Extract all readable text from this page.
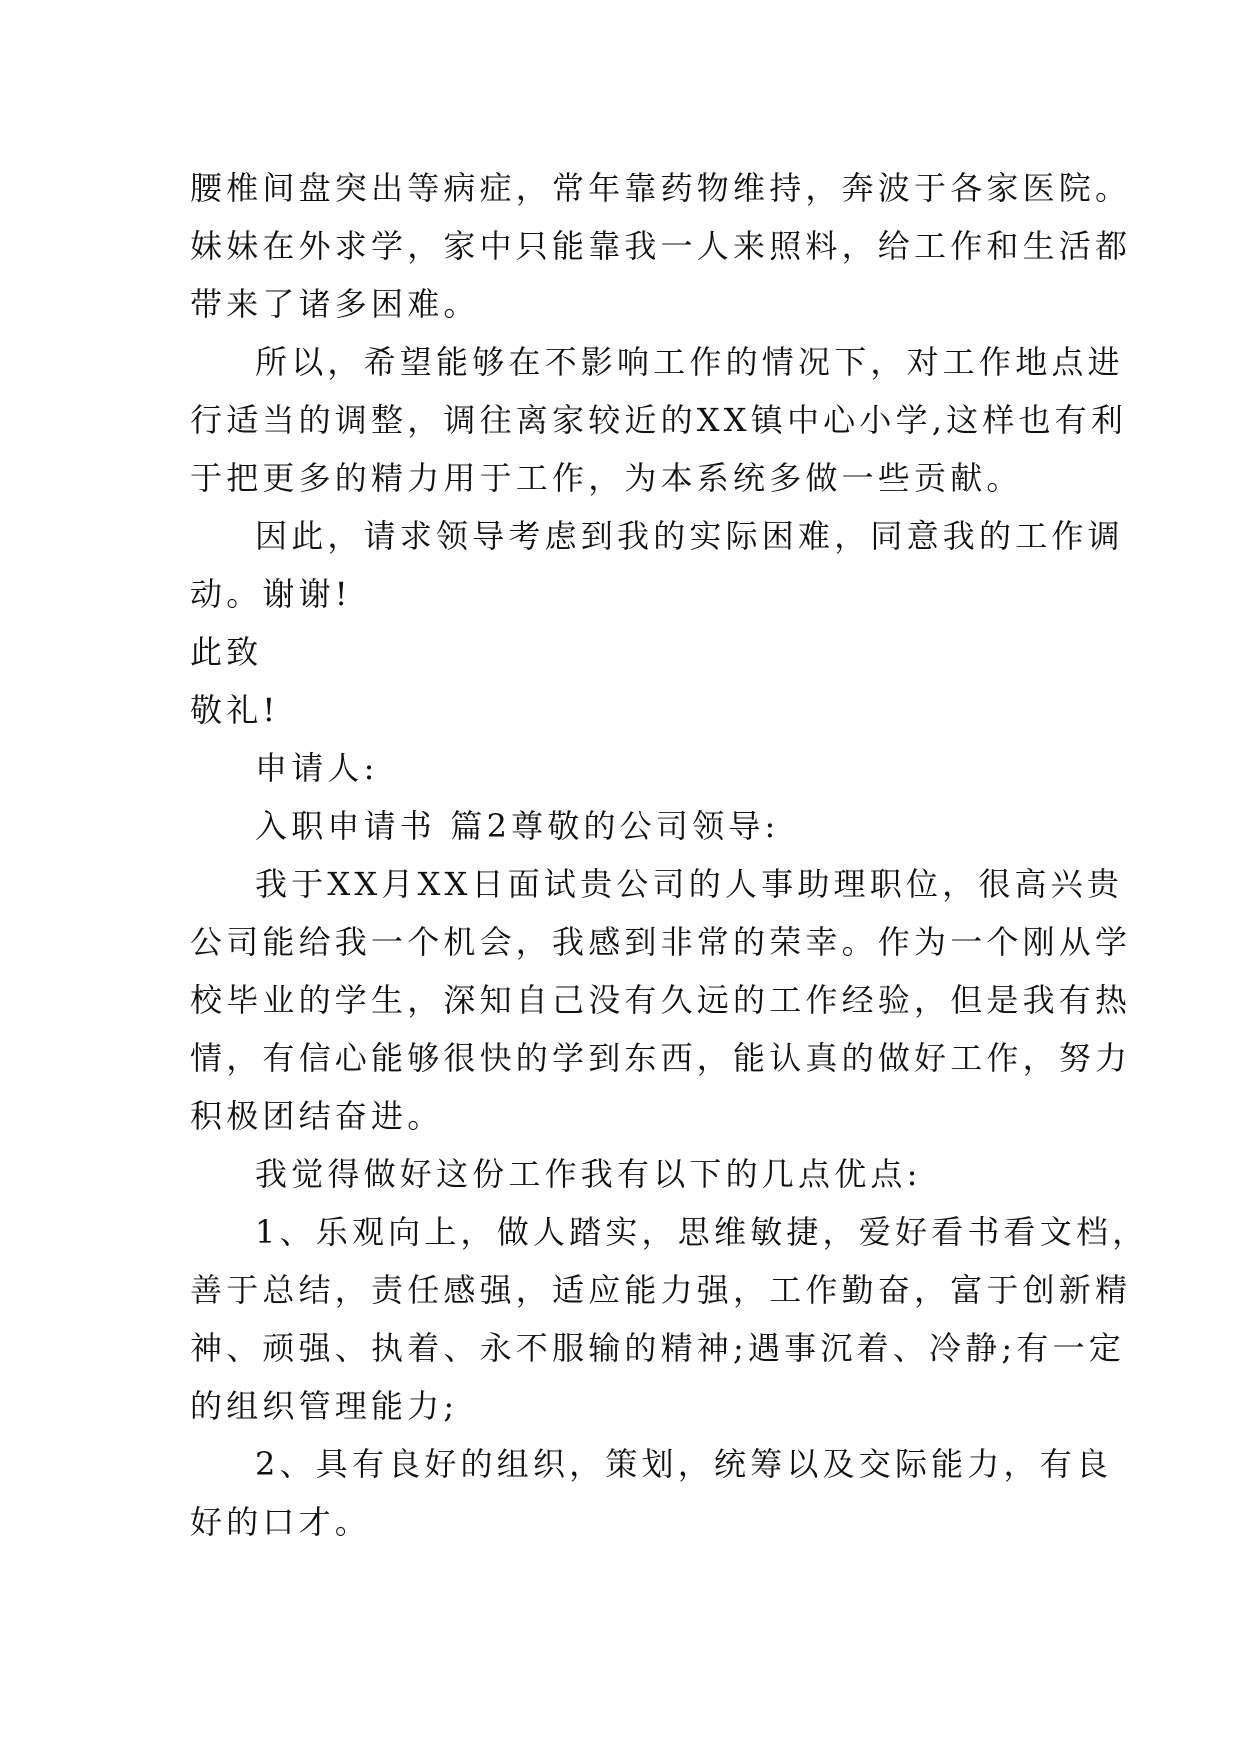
腰椎间盘突出等病症，常年靠药物维持，奔波于各家医院。
妹妹在外求学，家中只能靠我一人来照料，给工作和生活都
带来了诸多困难。
所以，希望能够在不影响工作的情况下，对工作地点进
行适当的调整，调往离家较近的XX镇中心小学,这样也有利
于把更多的精力用于工作，为本系统多做一些贡献。
因此，请求领导考虑到我的实际困难，同意我的工作调
动。谢谢!
此致
敬礼!
申请人:
入职申请书 篇2尊敬的公司领导:
我于XX月XX日面试贵公司的人事助理职位，很高兴贵
公司能给我一个机会，我感到非常的荣幸。作为一个刚从学
校毕业的学生，深知自己没有久远的工作经验，但是我有热
情，有信心能够很快的学到东西，能认真的做好工作，努力
积极团结奋进。
我觉得做好这份工作我有以下的几点优点:
1、乐观向上，做人踏实，思维敏捷，爱好看书看文档，
善于总结，责任感强，适应能力强，工作勤奋，富于创新精
神、顽强、执着、永不服输的精神;遇事沉着、冷静;有一定
的组织管理能力;
2、具有良好的组织，策划，统筹以及交际能力，有良
好的口才。
